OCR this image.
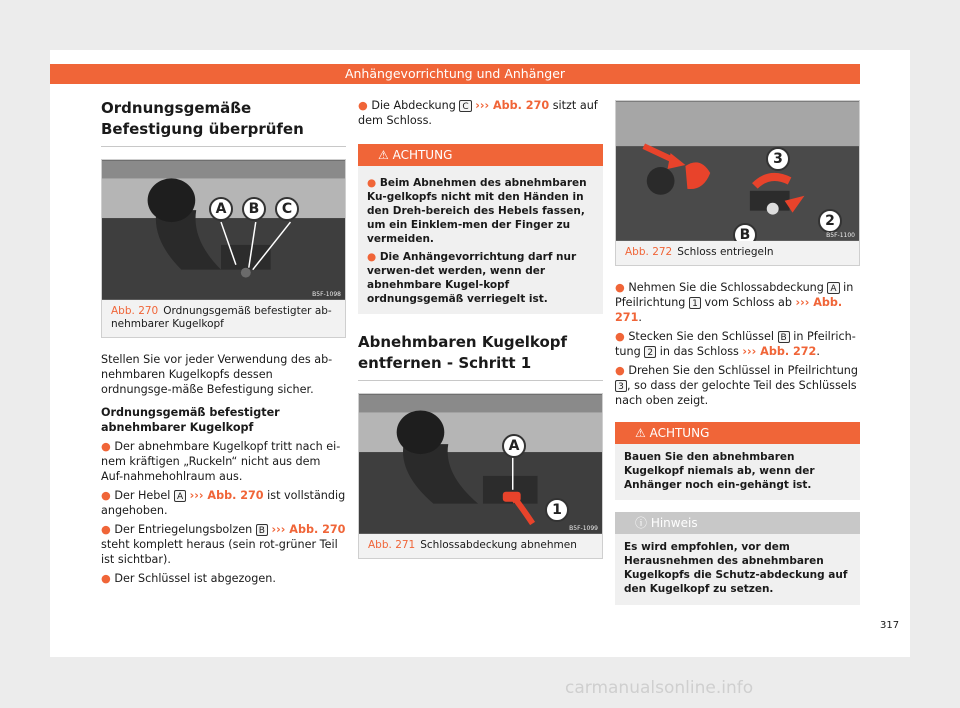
Anhängevorrichtung und Anhänger
Ordnungsgemäße Befestigung überprüfen
A	B	C
B5F-1098
Abb. 270 Ordnungsgemäß befestigter ab-nehmbarer Kugelkopf
Stellen Sie vor jeder Verwendung des ab-nehmbaren Kugelkopfs dessen ordnungsge-mäße Befestigung sicher.
Ordnungsgemäß befestigter abnehmbarer Kugelkopf
● Der abnehmbare Kugelkopf tritt nach ei-nem kräftigen „Ruckeln“ nicht aus dem Auf-nahmehohlraum aus.
● Der Hebel A ››› Abb. 270 ist vollständig angehoben.
● Der Entriegelungsbolzen B ››› Abb. 270 steht komplett heraus (sein rot-grüner Teil ist sichtbar).
● Der Schlüssel ist abgezogen.
● Die Abdeckung C ››› Abb. 270 sitzt auf dem Schloss.
⚠ ACHTUNG
● Beim Abnehmen des abnehmbaren Ku-gelkopfs nicht mit den Händen in den Dreh-bereich des Hebels fassen, um ein Einklem-men der Finger zu vermeiden.
● Die Anhängevorrichtung darf nur verwen-det werden, wenn der abnehmbare Kugel-kopf ordnungsgemäß verriegelt ist.
Abnehmbaren Kugelkopf entfernen - Schritt 1
A
1
B5F-1099
Abb. 271 Schlossabdeckung abnehmen
3
2
B	B5F-1100
Abb. 272 Schloss entriegeln
● Nehmen Sie die Schlossabdeckung A in Pfeilrichtung 1 vom Schloss ab ››› Abb. 271.
● Stecken Sie den Schlüssel B in Pfeilrich-tung 2 in das Schloss ››› Abb. 272.
● Drehen Sie den Schlüssel in Pfeilrichtung 3 , so dass der gelochte Teil des Schlüssels nach oben zeigt.
⚠ ACHTUNG
Bauen Sie den abnehmbaren Kugelkopf niemals ab, wenn der Anhänger noch ein-gehängt ist.
ⓘ Hinweis
Es wird empfohlen, vor dem Herausnehmen des abnehmbaren Kugelkopfs die Schutz-abdeckung auf den Kugelkopf zu setzen.
317
carmanualsonline.info
